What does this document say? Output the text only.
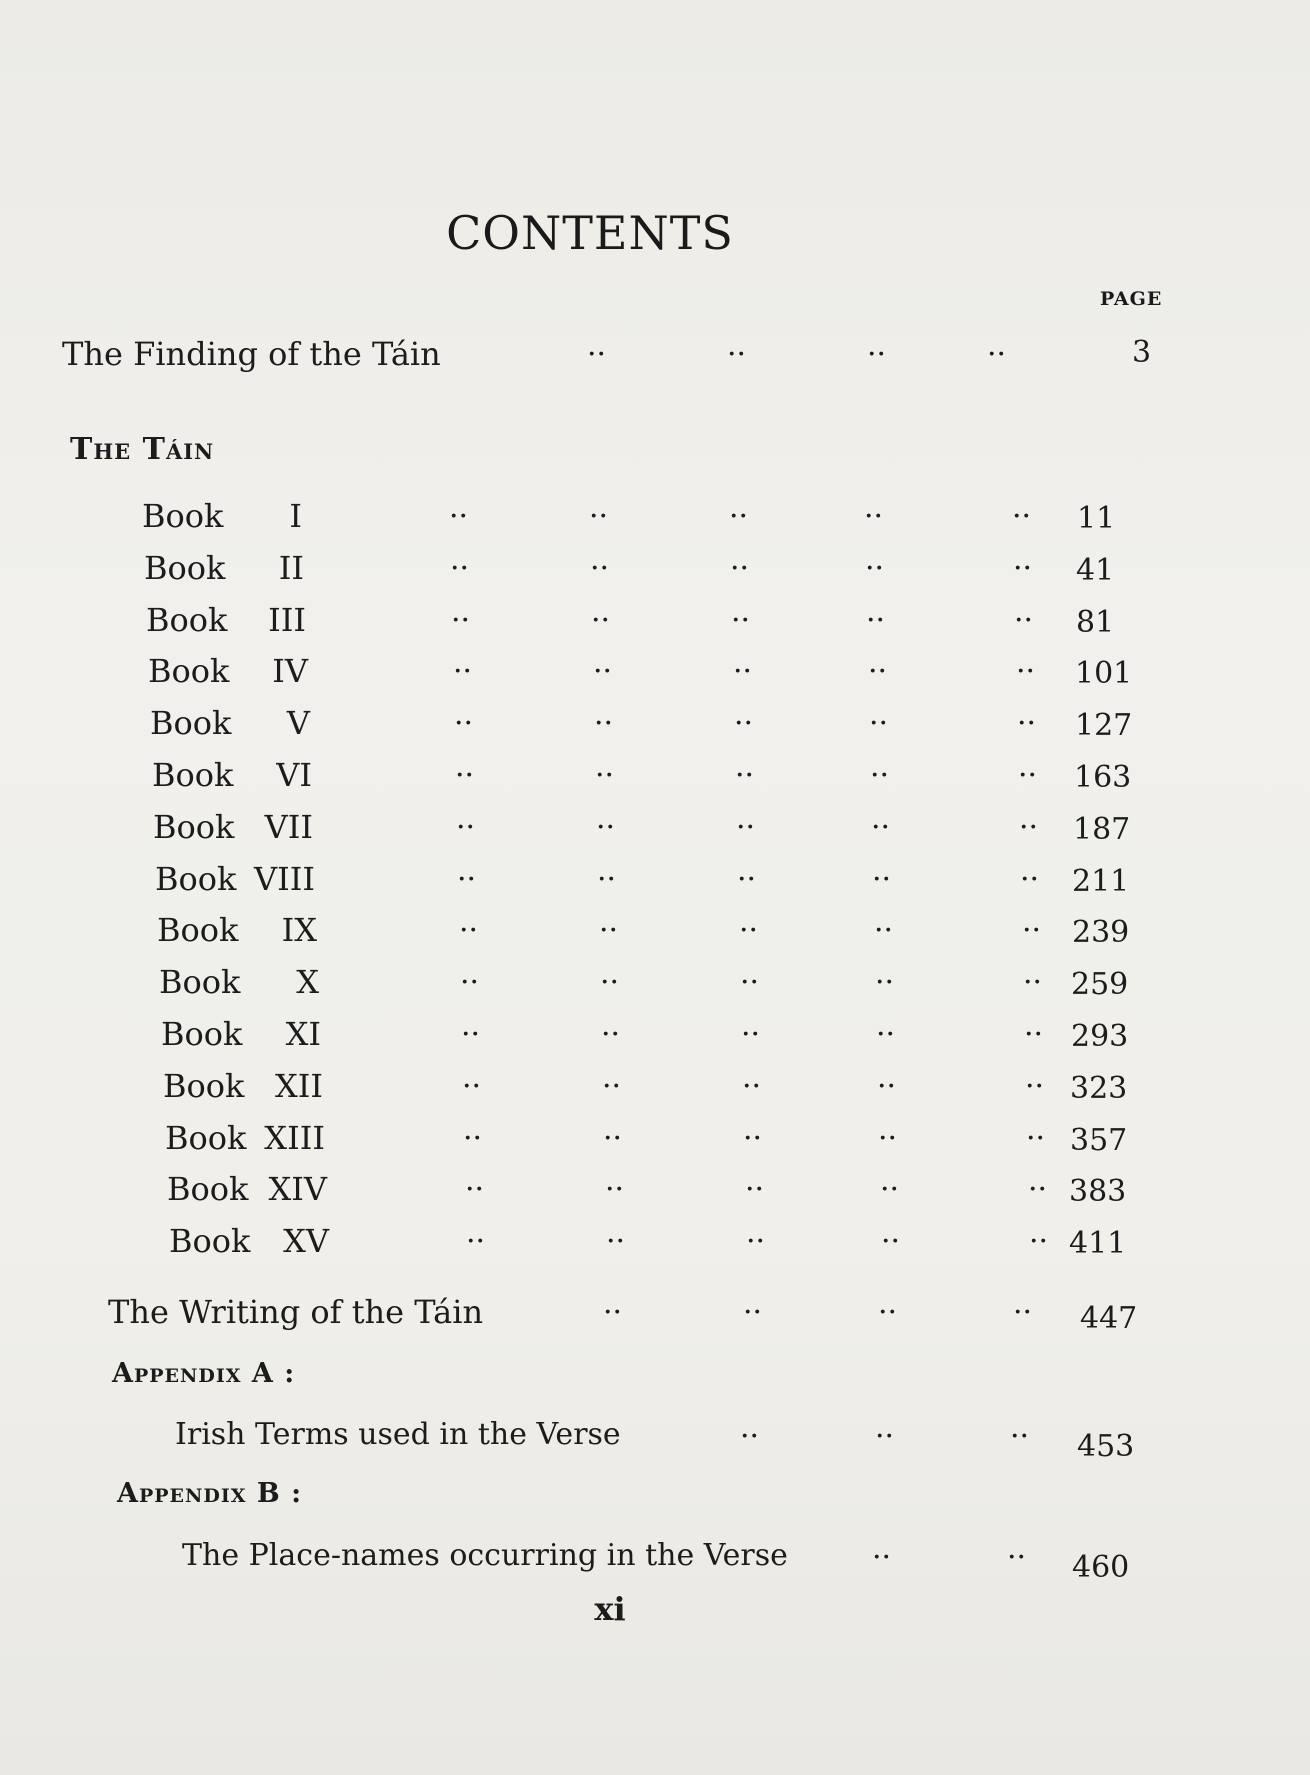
CONTENTS
PAGE
The Finding of the Táin	··	··	··	··	3
The Táin
Book	I	··	··	··	··	·· 11
Book	II	··	··	··	··	·· 41
Book	III	··	··	··	··	·· 81
Book	IV	··	··	··	··	·· 101
Book	V	··	··	··	··	·· 127
Book	VI	··	··	··	··	·· 163
Book VII	··	··	··	··	·· 187
Book VIII	··	··	··	··	·· 211
Book	IX	··	··	··	··	·· 239
Book	X	··	··	··	··	·· 259
Book	XI	··	··	··	··	·· 293
Book XII	··	··	··	··	·· 323
Book XIII	··	··	··	··	·· 357
Book XIV	··	··	··	··	·· 383
Book	XV	··	··	··	··	·· 411
The Writing of the Táin	··	··	··	·· 447
Appendix A :
Irish Terms used in the Verse	··	··	·· 453
Appendix B :
The Place-names occurring in the Verse	··	·· 460
xi
